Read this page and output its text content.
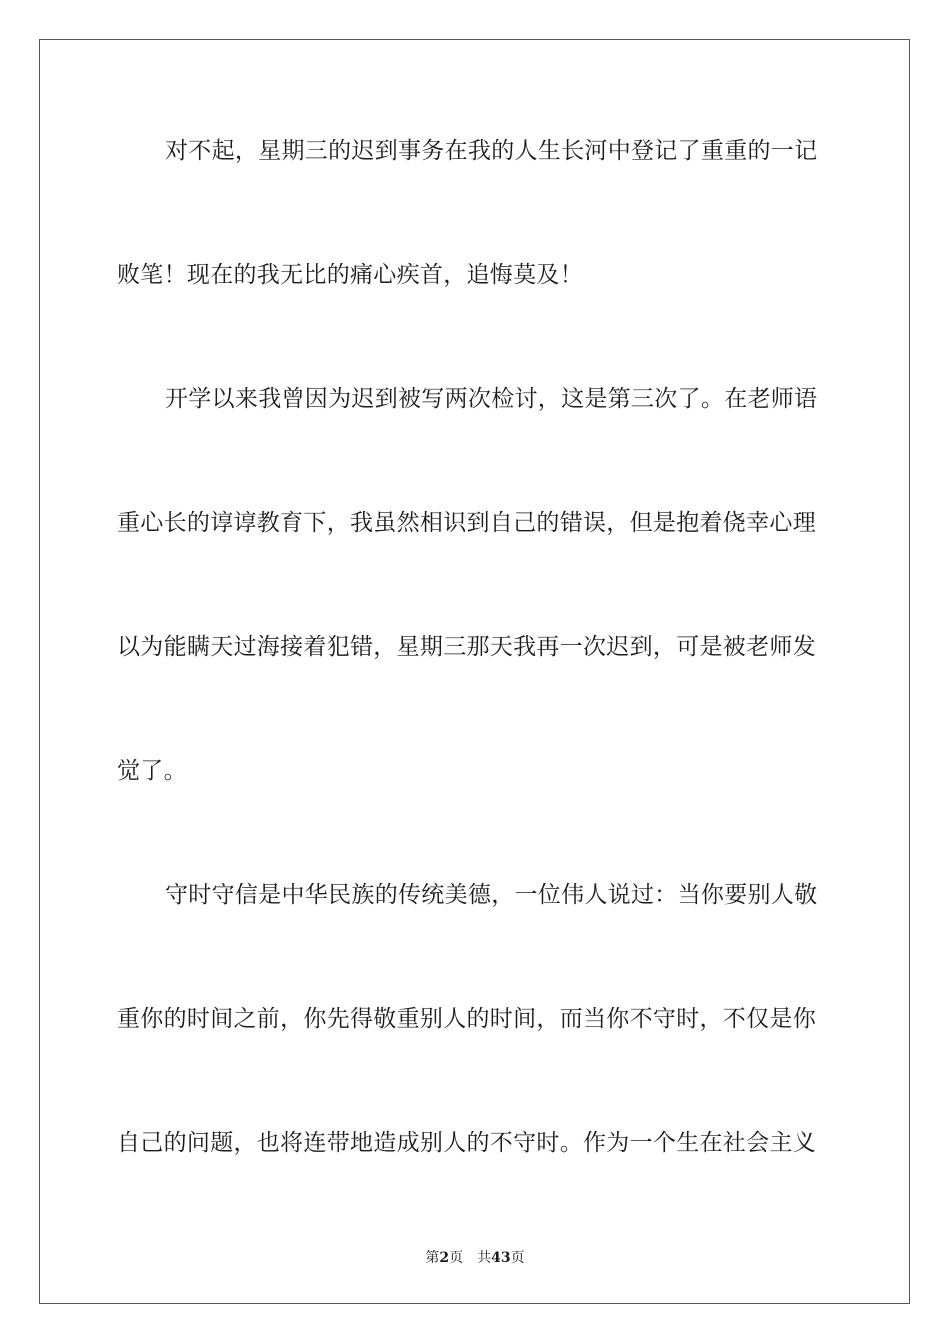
对不起，星期三的迟到事务在我的人生长河中登记了重重的一记
败笔！现在的我无比的痛心疾首，追悔莫及！
开学以来我曾因为迟到被写两次检讨，这是第三次了。在老师语
重心长的谆谆教育下，我虽然相识到自己的错误，但是抱着侥幸心理
以为能瞒天过海接着犯错，星期三那天我再一次迟到，可是被老师发
觉了。
守时守信是中华民族的传统美德，一位伟人说过：当你要别人敬
重你的时间之前，你先得敬重别人的时间，而当你不守时，不仅是你
自己的问题，也将连带地造成别人的不守时。作为一个生在社会主义
第2页 共43页
